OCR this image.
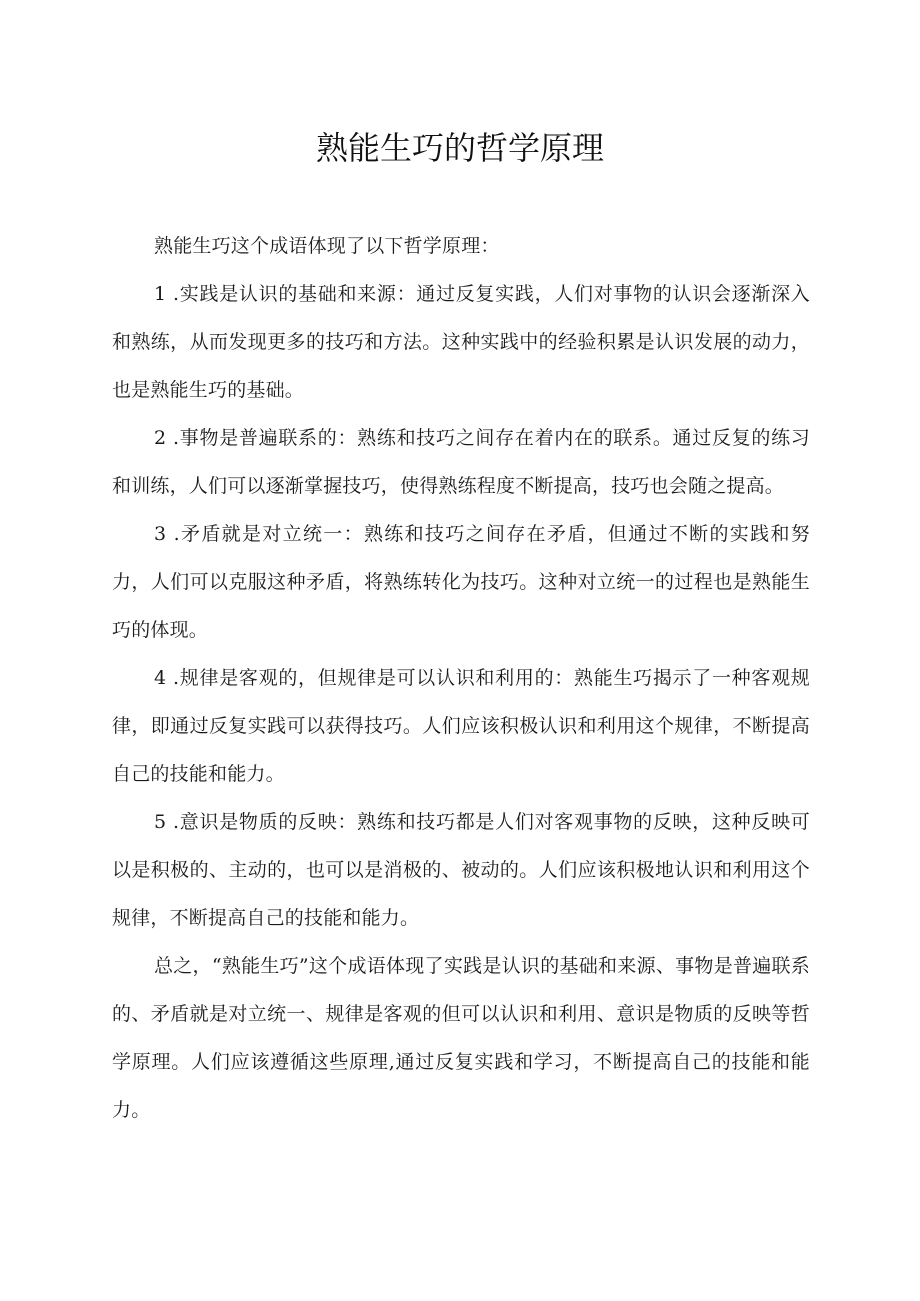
熟能生巧的哲学原理

熟能生巧这个成语体现了以下哲学原理：

1 .实践是认识的基础和来源：通过反复实践，人们对事物的认识会逐渐深入和熟练，从而发现更多的技巧和方法。这种实践中的经验积累是认识发展的动力，也是熟能生巧的基础。

2 .事物是普遍联系的：熟练和技巧之间存在着内在的联系。通过反复的练习和训练，人们可以逐渐掌握技巧，使得熟练程度不断提高，技巧也会随之提高。

3 .矛盾就是对立统一：熟练和技巧之间存在矛盾，但通过不断的实践和努力，人们可以克服这种矛盾，将熟练转化为技巧。这种对立统一的过程也是熟能生巧的体现。

4 .规律是客观的，但规律是可以认识和利用的：熟能生巧揭示了一种客观规律，即通过反复实践可以获得技巧。人们应该积极认识和利用这个规律，不断提高自己的技能和能力。

5 .意识是物质的反映：熟练和技巧都是人们对客观事物的反映，这种反映可以是积极的、主动的，也可以是消极的、被动的。人们应该积极地认识和利用这个规律，不断提高自己的技能和能力。

总之，“熟能生巧”这个成语体现了实践是认识的基础和来源、事物是普遍联系的、矛盾就是对立统一、规律是客观的但可以认识和利用、意识是物质的反映等哲学原理。人们应该遵循这些原理,通过反复实践和学习，不断提高自己的技能和能力。
